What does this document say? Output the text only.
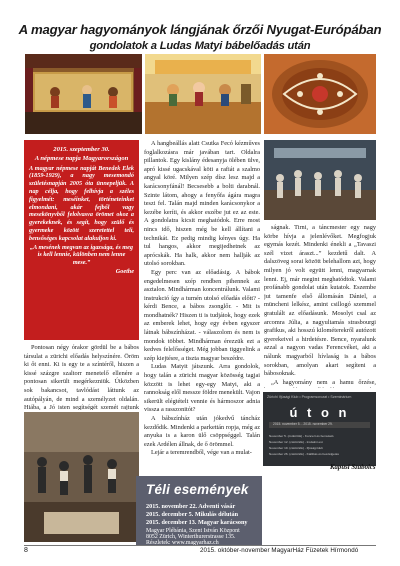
A magyar hagyományok lángjának őrzői Nyugat-Európában
gondolatok a Ludas Matyi bábelőadás után
2015. szeptember 30.
A népmese napja Magyarországon
A magyar népmese napját Benedek Elek (1859-1929), a nagy mesemondó születésnapján 2005 óta ünnepeljük. A nap célja, hogy felhívja a széles figyelmét: meséinket, történeteinket elmondani, akár fejből vagy mesekönyvből felolvasva örömet okoz a gyerekeknek, és segít, hogy szülő és gyermeke között szeretettel teli, bensőséges kapcsolat alakuljon ki.
„A mesének megvan az igazsága, és meg is kell lennie, különben nem lenne mese.”
Goethe

Pontosan négy órakor gördül be a bábos társulat a zürichi előadás helyszínére. Öröm ki őt enni. Ki is egy te a színtéről, hiszen a kissé százgre szaltorr menetelő ellenére a pontosan sikerült megérkezniük. Útközben sok bakancsot, tavlódást láttunk az autópályán, de mind a személyzet oldalán. Hiába, a Jó isten segítségét szemét rajtunk

A hangbeállás alatt Csutka Fecó kézműves foglalkozásra már javában tart. Oldalra pillantok. Egy kislány édesanyja ölében ülve, apró kissé ugacskával köti a rafiát a szalmo angyal köré. Milyen szép dísz lesz majd a karácsonyfánál! Becsesebb a bolti darabnál. Szinte látom, ahogy a fenyőfa ágára magra teszi fel. Talán majd minden karácsonykor a kezébe keríti, és akkor eszébe jut ez az este. A gondolatra kicsit meghatódok. Erre most nincs idő, hiszen még be kell állítani a technikát. Ez pedig mindig kényes úgy. Ha tul hangos, akkor megijedhetnek az aprócskák. Ha halk, akkor nem hallják az utolsó sorokban.

Egy perc van az előadásig. A bábok engedelmesen szép rendben pihennek az asztalon. Mindhárman koncentrálunk. Valami instrukció így a turnén utolsó előadás előtt? - kérdi Bence, a bábos zsonglőr. - Mit is mondhatnék? Hiszen ti is tudjátok, hogy ezek az emberek lehet, hogy egy évben egyszer látnak bábszínházat. - válaszolom és nem is mondok többet. Mindhárman érezzük ezt a kedves felelősséget. Még jobban tiggyelink a szép kiejtésre, a tiszta magyar beszédre.

Ludas Matyit játszunk. Arra gondolok, hogy talán a zürichi magyar közösség tagjai közzött is lehet egy-egy Matyi, aki a rannokság elől messze földre menekült. Vajon sikerült elégtételt vennie és hármoszor adnia vissza a rasszonitót?

A bábszínház után jókedvű táncház kezdődik. Mindenki a parkettán ropja, még az anyuka is a karon ülő csöppséggel. Talán ezek Ardélen állnak, de ő örömmel.

Lejár a teremrendből, vége van a mulat-

ságnak. Tirni, a táncmester egy nagy körbe hívja a jelenlévőket. Megfogjuk egymás kezét. Mindenki énekli a „Tavaszi szél vizet áraszt...” kezdetű dalt. A dalszöveg sorai között belehallom azt, hogy milyen jó volt együtt lenni, magyarnak lenni. Ej, már megint meghatódtok. Valami profánabb gondolat után kutatok. Eszembe jut tamenfe első állomásán Dániel, a müncheni lelkész, amint csillogó szemmel gratulált az előadásunk. Mosolyt csal az arcomra Júlia, a nagyultamás strasbourgi grafikus, aki hosszú kilométerekről autózott gyerekeivel a hirdetésre. Bence, nyaralunk azzal a nagyon vadas Ferencvéket, aki a nálunk magyarból hívlaság is a bábos sorokban, amolyan akart segíteni a bábosoknak.

„A hagyomány nem a hamu őrzése,

Zürichi Ifjúsági Klub • Programsorozat • Szeminárium
ú t o n
2015. november 5. - 2015. november 29.
November 5. (csütörtök) - Koncert és bemutató
November 12. (csütörtök) - Irodalmi est
November 19. (csütörtök) - Ifjúsági klub
November 26. (csütörtök) - Kiállítás és beszélgetés
Kapusi Szabolcs
Téli események
2015. november 22. Adventi vásár
2015. december 5. Mikulás délután
2015. december 13. Magyar karácsony
Magyar Plébánia, Szent István Központ
8052 Zürich, Winterthurerstrasse 135.
Részletek: www.magyarhaz.ch
8	2015. október-november MagyarHáz Füzetek Hírmondó
